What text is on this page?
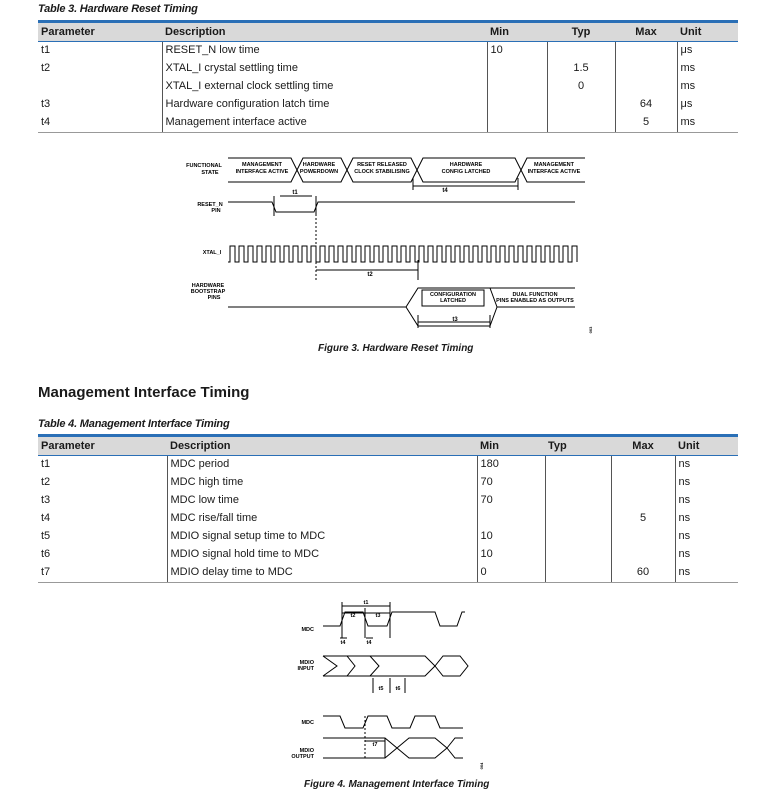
Table 3. Hardware Reset Timing
Parameter	Description	Min	Typ	Max	Unit
t1	RESET_N low time	10			μs
t2	XTAL_I crystal settling time		1.5		ms
	XTAL_I external clock settling time		0		ms
t3	Hardware configuration latch time			64	μs
t4	Management interface active			5	ms
FUNCTIONAL
STATE
MANAGEMENT
INTERFACE ACTIVE
HARDWARE
POWERDOWN
RESET RELEASED
CLOCK STABILISING
HARDWARE
CONFIG LATCHED
MANAGEMENT
INTERFACE ACTIVE
RESET_N
PIN
XTAL_I
HARDWARE
BOOTSTRAP
PINS	CONFIGURATION
LATCHED
DUAL FUNCTION
PINS ENABLED AS OUTPUTS
t1
t2
t3
t4
003
Figure 3. Hardware Reset Timing
Management Interface Timing
Table 4. Management Interface Timing
Parameter	Description	Min	Typ	Max	Unit
t1	MDC period	180			ns
t2	MDC high time	70			ns
t3	MDC low time	70			ns
t4	MDC rise/fall time			5	ns
t5	MDIO signal setup time to MDC	10			ns
t6	MDIO signal hold time to MDC	10			ns
t7	MDIO delay time to MDC	0		60	ns
MDC
MDIO
INPUT
MDC
MDIO
OUTPUT
t1
t2	t3
t4	t4
t5 t6
t7
004
Figure 4. Management Interface Timing
